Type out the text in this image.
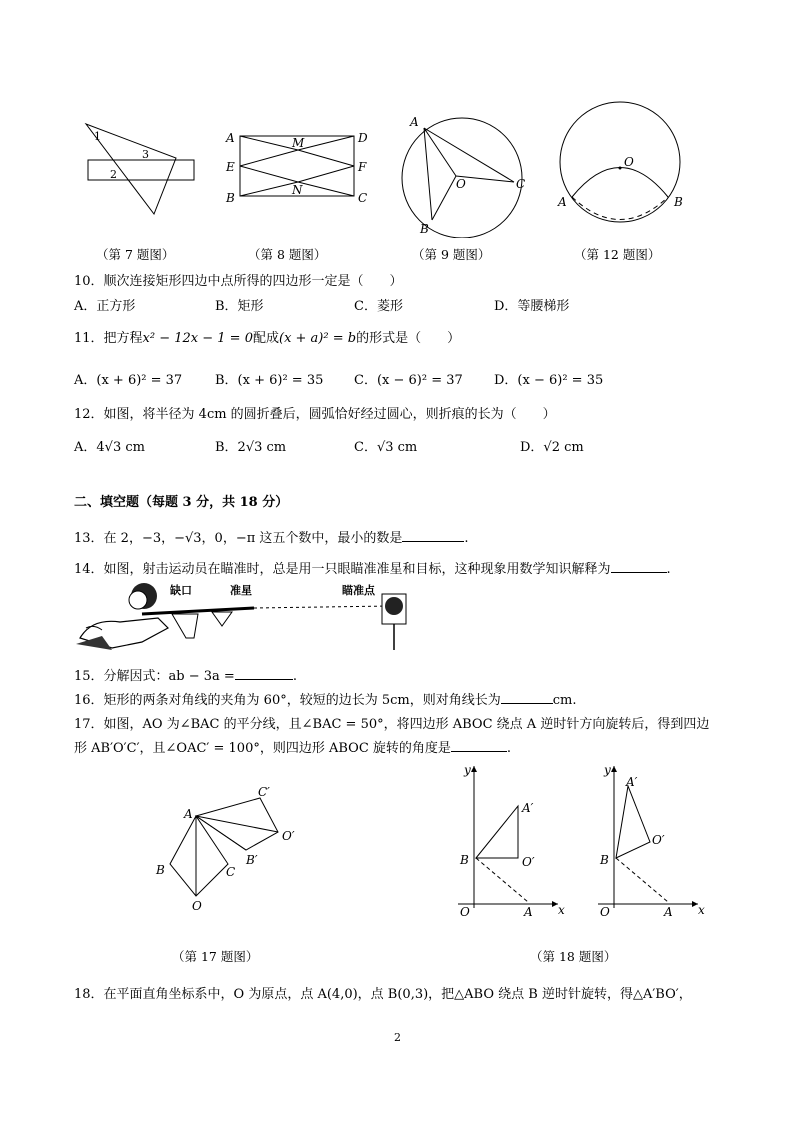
1
2
3
（第 7 题图）
A	M	D
E	F
B
N
C
（第 8 题图）
A
O	C
B
（第 9 题图）
O
A	B
（第 12 题图）
10．顺次连接矩形四边中点所得的四边形一定是（　　）
A．正方形	B．矩形	C．菱形	D．等腰梯形
11．把方程x² − 12x − 1 = 0配成(x + a)² = b的形式是（　　）
A．(x + 6)² = 37	B．(x + 6)² = 35 C．(x − 6)² = 37 D．(x − 6)² = 35
12．如图，将半径为 4cm 的圆折叠后，圆弧恰好经过圆心，则折痕的长为（　　）
A．4√3 cm	B．2√3 cm	C．√3 cm	D．√2 cm
二、填空题（每题 3 分，共 18 分）
13．在 2，−3，−√3，0，−π 这五个数中，最小的数是	.
14．如图，射击运动员在瞄准时，总是用一只眼瞄准准星和目标，这种现象用数学知识解释为	.
缺口	准星	瞄准点
15．分解因式：ab − 3a =	.
16．矩形的两条对角线的夹角为 60°，较短的边长为 5cm，则对角线长为	cm.
17．如图，AO 为∠BAC 的平分线，且∠BAC = 50°，将四边形 ABOC 绕点 A 逆时针方向旋转后，得到四边
形 AB′O′C′，且∠OAC′ = 100°，则四边形 ABOC 旋转的角度是	.
A
C′
O′
B′
B	C
O
（第 17 题图）
y
x
A′
O′
B
O	A
y
x
A′
O′
B
O	A
（第 18 题图）
18．在平面直角坐标系中，O 为原点，点 A(4,0)，点 B(0,3)，把△ABO 绕点 B 逆时针旋转，得△A′BO′，
2
